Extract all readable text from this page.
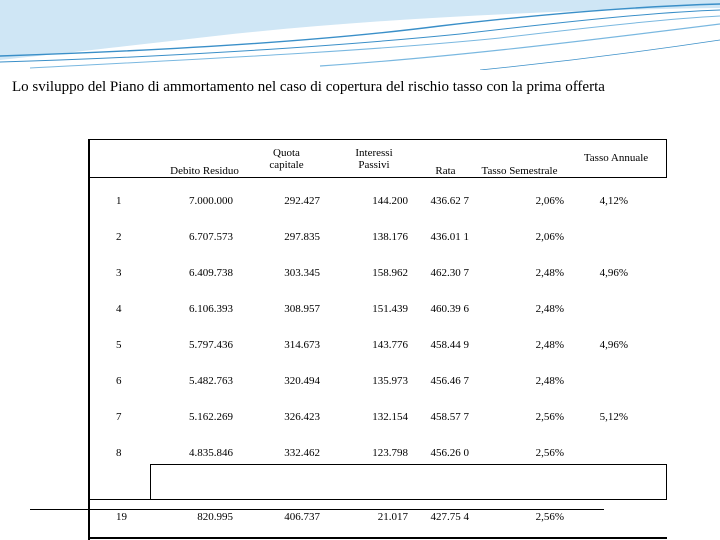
Lo sviluppo del Piano di ammortamento nel caso di copertura del rischio tasso con la prima offerta

	Debito Residuo	Quota capitale	Interessi Passivi	Rata	Tasso Semestrale	Tasso Annuale

1	7.000.000	292.427	144.200	436.62 7	2,06%	4,12%
2	6.707.573	297.835	138.176	436.01 1	2,06%	
3	6.409.738	303.345	158.962	462.30 7	2,48%	4,96%
4	6.106.393	308.957	151.439	460.39 6	2,48%	
5	5.797.436	314.673	143.776	458.44 9	2,48%	4,96%
6	5.482.763	320.494	135.973	456.46 7	2,48%	
7	5.162.269	326.423	132.154	458.57 7	2,56%	5,12%
8	4.835.846	332.462	123.798	456.26 0	2,56%	

19	820.995	406.737	21.017	427.75 4	2,56%	
